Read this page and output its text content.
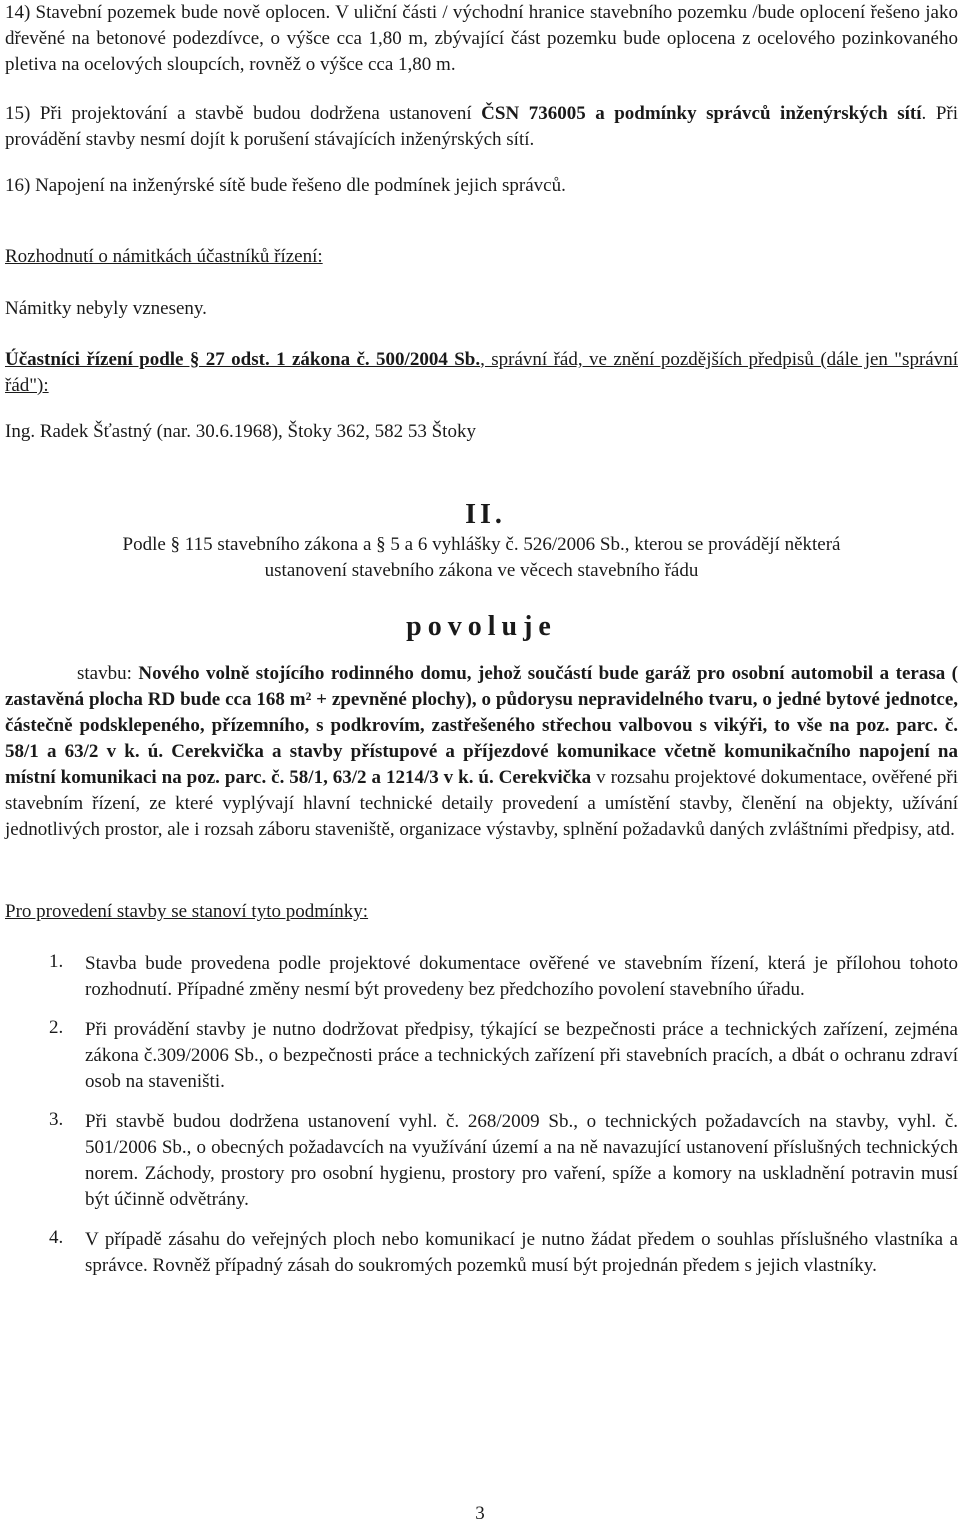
14) Stavební pozemek bude nově oplocen. V uliční části / východní hranice stavebního pozemku /bude oplocení řešeno jako dřevěné na betonové podezdívce, o výšce cca 1,80 m, zbývající část pozemku bude oplocena z ocelového pozinkovaného pletiva na ocelových sloupcích, rovněž o výšce cca 1,80 m.

15) Při projektování a stavbě budou dodržena ustanovení ČSN 736005 a podmínky správců inženýrských sítí. Při provádění stavby nesmí dojít k porušení stávajících inženýrských sítí.

16) Napojení na inženýrské sítě bude řešeno dle podmínek jejich správců.

Rozhodnutí o námitkách účastníků řízení:

Námitky nebyly vzneseny.

Účastníci řízení podle § 27 odst. 1 zákona č. 500/2004 Sb., správní řád, ve znění pozdějších předpisů (dále jen "správní řád"):

Ing. Radek Šťastný (nar. 30.6.1968), Štoky 362, 582 53 Štoky

II.

Podle § 115 stavebního zákona a § 5 a 6 vyhlášky č. 526/2006 Sb., kterou se provádějí některá

ustanovení stavebního zákona ve věcech stavebního řádu

povoluje

stavbu: Nového volně stojícího rodinného domu, jehož součástí bude garáž pro osobní automobil a terasa ( zastavěná plocha RD bude cca 168 m² + zpevněné plochy), o půdorysu nepravidelného tvaru, o jedné bytové jednotce, částečně podsklepeného, přízemního, s podkrovím, zastřešeného střechou valbovou s vikýři, to vše na poz. parc. č. 58/1 a 63/2 v k. ú. Cerekvička a stavby přístupové a příjezdové komunikace včetně komunikačního napojení na místní komunikaci na poz. parc. č. 58/1, 63/2 a 1214/3 v k. ú. Cerekvička v rozsahu projektové dokumentace, ověřené při stavebním řízení, ze které vyplývají hlavní technické detaily provedení a umístění stavby, členění na objekty, užívání jednotlivých prostor, ale i rozsah záboru staveniště, organizace výstavby, splnění požadavků daných zvláštními předpisy, atd.

Pro provedení stavby se stanoví tyto podmínky:

1. Stavba bude provedena podle projektové dokumentace ověřené ve stavebním řízení, která je přílohou tohoto rozhodnutí. Případné změny nesmí být provedeny bez předchozího povolení stavebního úřadu.

2. Při provádění stavby je nutno dodržovat předpisy, týkající se bezpečnosti práce a technických zařízení, zejména zákona č.309/2006 Sb., o bezpečnosti práce a technických zařízení při stavebních pracích, a dbát o ochranu zdraví osob na staveništi.

3. Při stavbě budou dodržena ustanovení vyhl. č. 268/2009 Sb., o technických požadavcích na stavby, vyhl. č. 501/2006 Sb., o obecných požadavcích na využívání území a na ně navazující ustanovení příslušných technických norem. Záchody, prostory pro osobní hygienu, prostory pro vaření, spíže a komory na uskladnění potravin musí být účinně odvětrány.

4. V případě zásahu do veřejných ploch nebo komunikací je nutno žádat předem o souhlas příslušného vlastníka a správce. Rovněž případný zásah do soukromých pozemků musí být projednán předem s jejich vlastníky.

3
